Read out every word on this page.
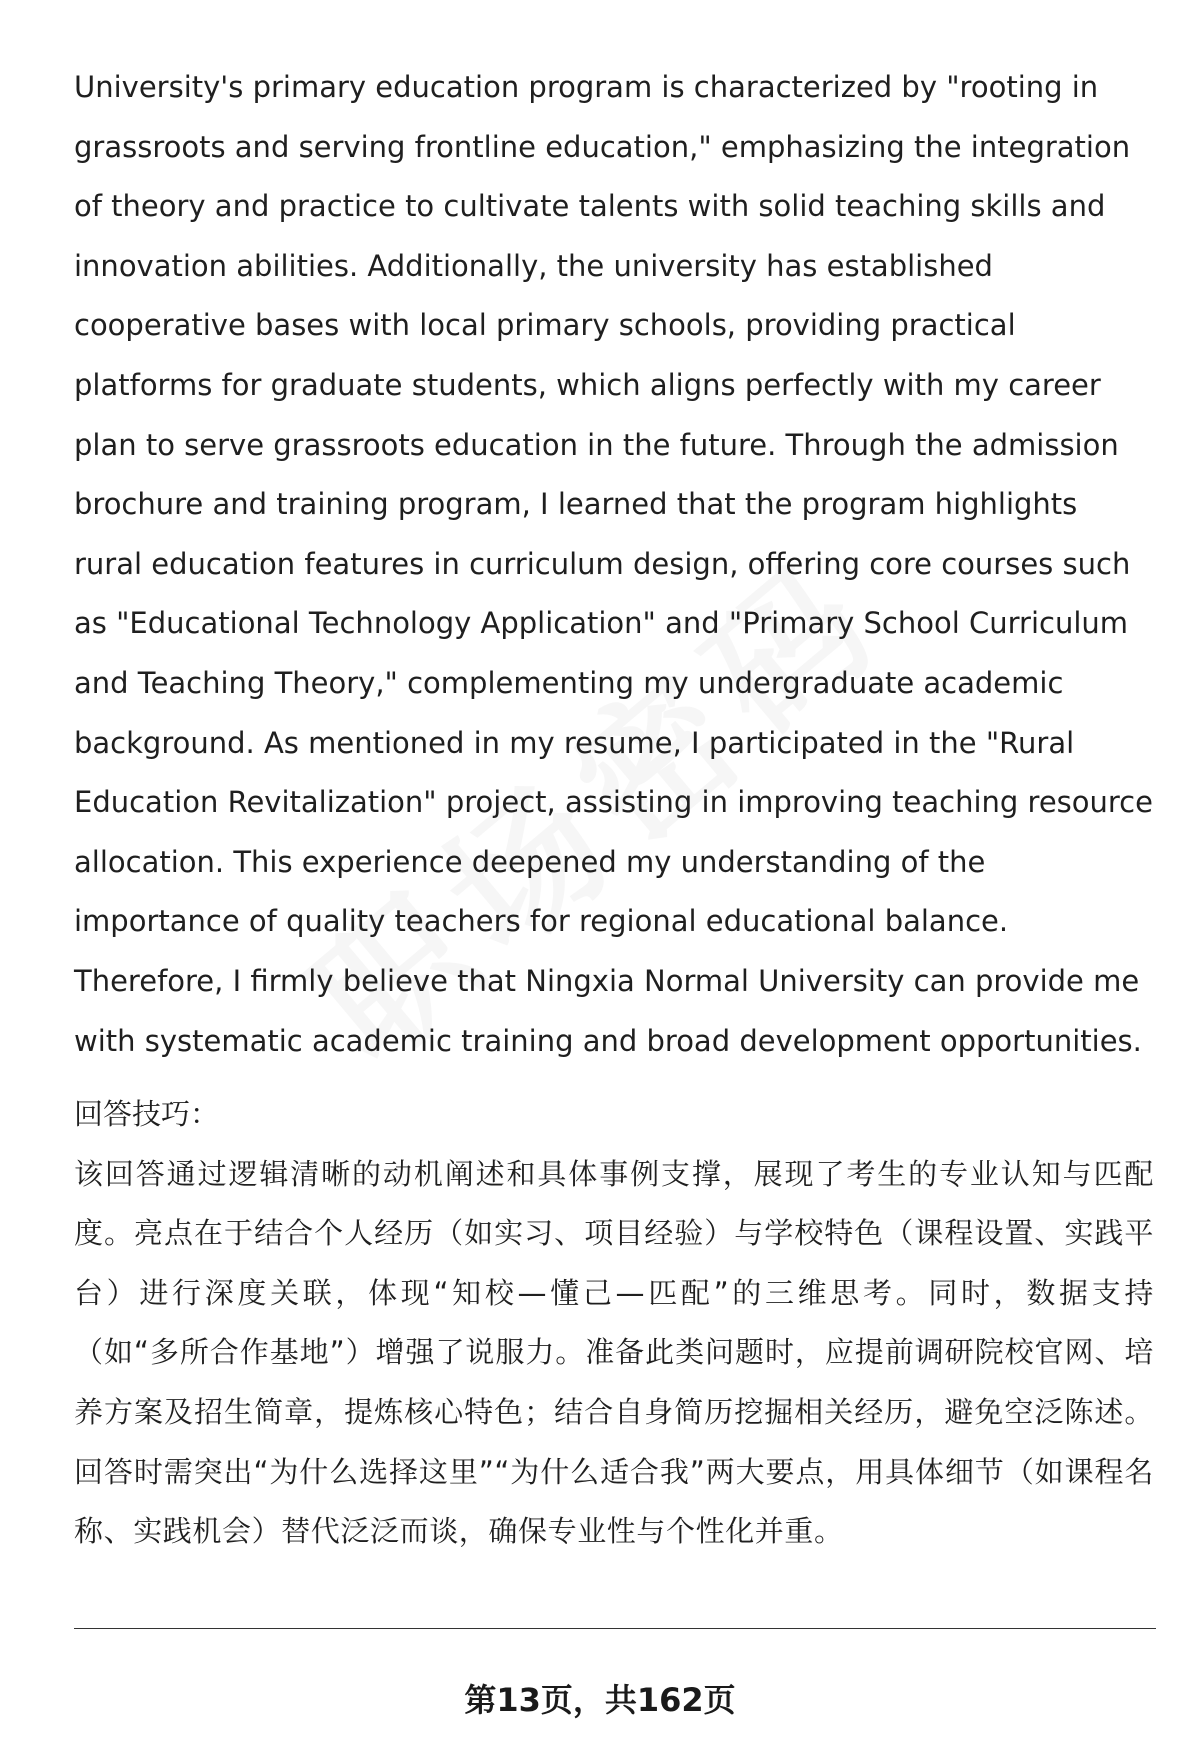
University's primary education program is characterized by "rooting in grassroots and serving frontline education," emphasizing the integration of theory and practice to cultivate talents with solid teaching skills and innovation abilities. Additionally, the university has established cooperative bases with local primary schools, providing practical platforms for graduate students, which aligns perfectly with my career plan to serve grassroots education in the future. Through the admission brochure and training program, I learned that the program highlights rural education features in curriculum design, offering core courses such as "Educational Technology Application" and "Primary School Curriculum and Teaching Theory," complementing my undergraduate academic background. As mentioned in my resume, I participated in the "Rural Education Revitalization" project, assisting in improving teaching resource allocation. This experience deepened my understanding of the importance of quality teachers for regional educational balance. Therefore, I firmly believe that Ningxia Normal University can provide me with systematic academic training and broad development opportunities.

回答技巧：

该回答通过逻辑清晰的动机阐述和具体事例支撑，展现了考生的专业认知与匹配度。亮点在于结合个人经历（如实习、项目经验）与学校特色（课程设置、实践平台）进行深度关联，体现“知校—懂己—匹配”的三维思考。同时，数据支持（如“多所合作基地”）增强了说服力。准备此类问题时，应提前调研院校官网、培养方案及招生简章，提炼核心特色；结合自身简历挖掘相关经历，避免空泛陈述。回答时需突出“为什么选择这里”“为什么适合我”两大要点，用具体细节（如课程名称、实践机会）替代泛泛而谈，确保专业性与个性化并重。

第13页，共162页
